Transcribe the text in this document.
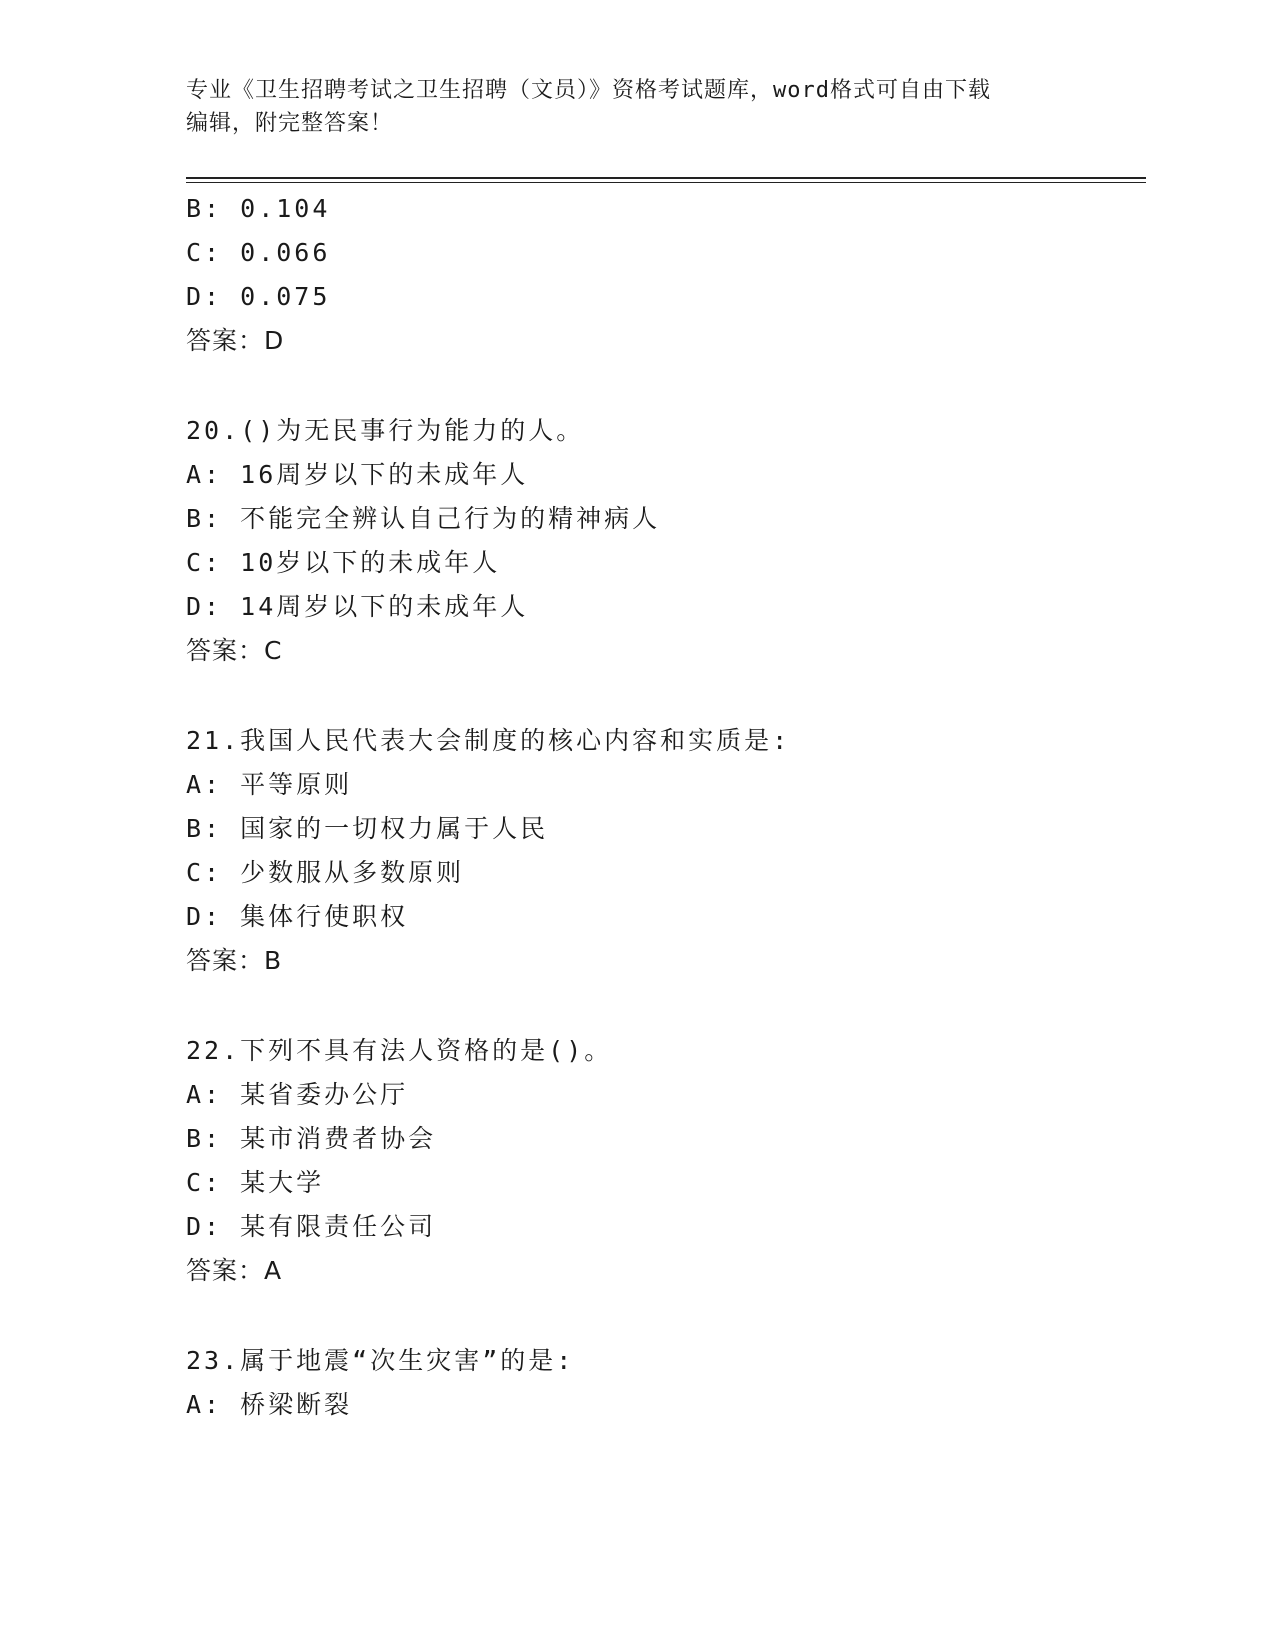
专业《卫生招聘考试之卫生招聘（文员）》资格考试题库，word格式可自由下载
编辑，附完整答案！
B: 0.104
C: 0.066
D: 0.075
答案：D
20.()为无民事行为能力的人。
A: 16周岁以下的未成年人
B: 不能完全辨认自己行为的精神病人
C: 10岁以下的未成年人
D: 14周岁以下的未成年人
答案：C
21.我国人民代表大会制度的核心内容和实质是:
A: 平等原则
B: 国家的一切权力属于人民
C: 少数服从多数原则
D: 集体行使职权
答案：B
22.下列不具有法人资格的是()。
A: 某省委办公厅
B: 某市消费者协会
C: 某大学
D: 某有限责任公司
答案：A
23.属于地震“次生灾害”的是:
A: 桥梁断裂
